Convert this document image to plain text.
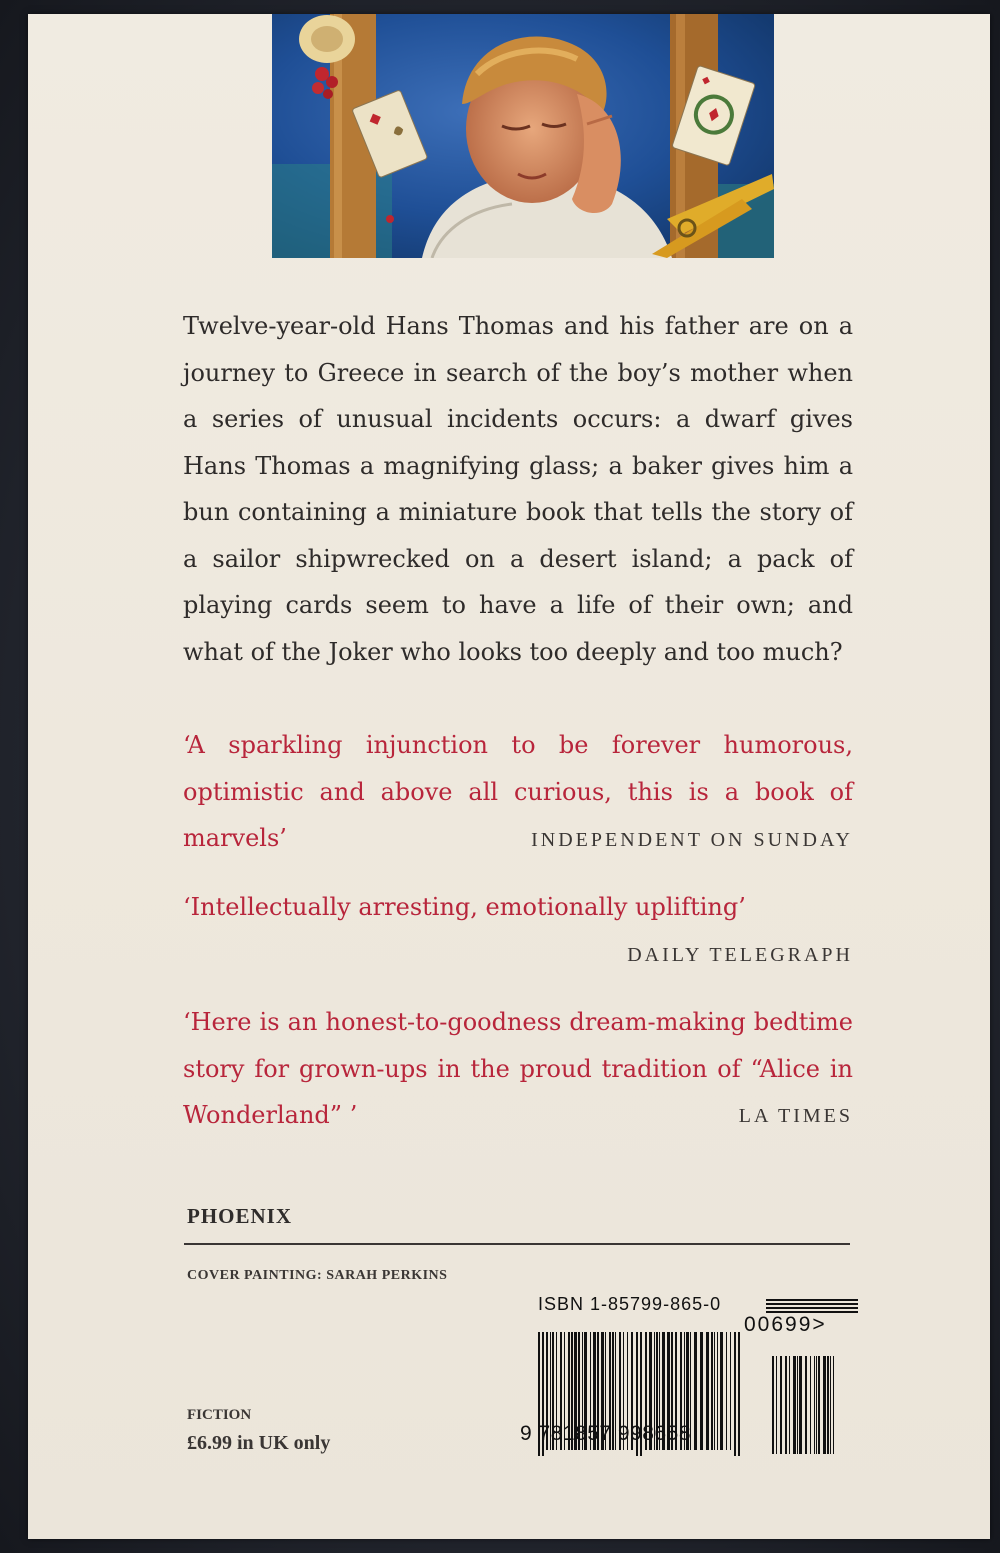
Twelve-year-old Hans Thomas and his father are on a journey to Greece in search of the boy’s mother when a series of unusual incidents occurs: a dwarf gives Hans Thomas a magnifying glass; a baker gives him a bun containing a miniature book that tells the story of a sailor shipwrecked on a desert island; a pack of playing cards seem to have a life of their own; and what of the Joker who looks too deeply and too much?

‘A sparkling injunction to be forever humorous, optimistic and above all curious, this is a book of marvels’	INDEPENDENT ON SUNDAY

‘Intellectually arresting, emotionally uplifting’

DAILY TELEGRAPH

‘Here is an honest-to-goodness dream-making bedtime story for grown-ups in the proud tradition of “Alice in Wonderland” ’	LA TIMES

PHOENIX

COVER PAINTING: SARAH PERKINS

FICTION

£6.99 in UK only

ISBN 1-85799-865-0

9 781857 998658

00699>
